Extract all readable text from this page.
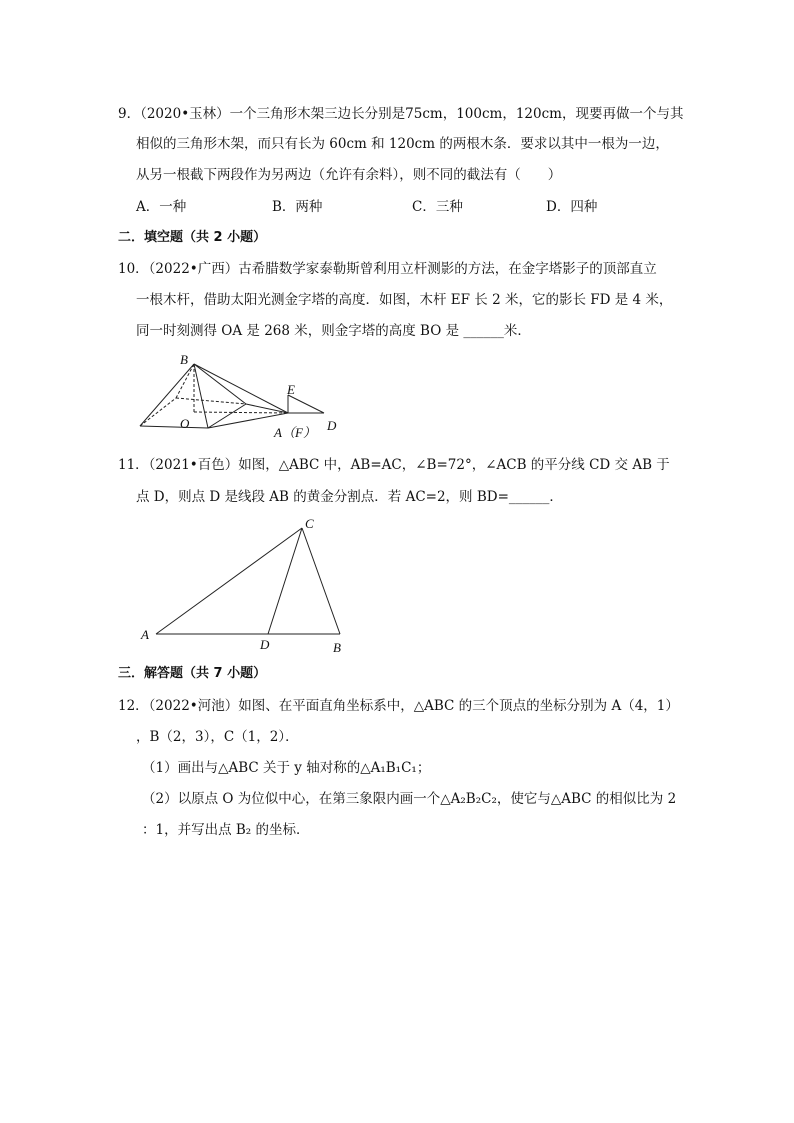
9．（2020•玉林）一个三角形木架三边长分别是75cm，100cm，120cm，现要再做一个与其
相似的三角形木架，而只有长为 60cm 和 120cm 的两根木条．要求以其中一根为一边，
从另一根截下两段作为另两边（允许有余料），则不同的截法有（　　）
A．一种	B．两种	C．三种	D．四种
二．填空题（共 2 小题）
10．（2022•广西）古希腊数学家泰勒斯曾利用立杆测影的方法，在金字塔影子的顶部直立
一根木杆，借助太阳光测金字塔的高度．如图，木杆 EF 长 2 米，它的影长 FD 是 4 米，
同一时刻测得 OA 是 268 米，则金字塔的高度 BO 是 ______米．
B
O
E
A（F） D
11．（2021•百色）如图，△ABC 中，AB=AC，∠B=72°，∠ACB 的平分线 CD 交 AB 于
点 D，则点 D 是线段 AB 的黄金分割点．若 AC=2，则 BD=______．
C
A
D	B
三．解答题（共 7 小题）
12．（2022•河池）如图、在平面直角坐标系中，△ABC 的三个顶点的坐标分别为 A（4，1）
，B（2，3），C（1，2）．
（1）画出与△ABC 关于 y 轴对称的△A₁B₁C₁；
（2）以原点 O 为位似中心，在第三象限内画一个△A₂B₂C₂，使它与△ABC 的相似比为 2
：1，并写出点 B₂ 的坐标．
